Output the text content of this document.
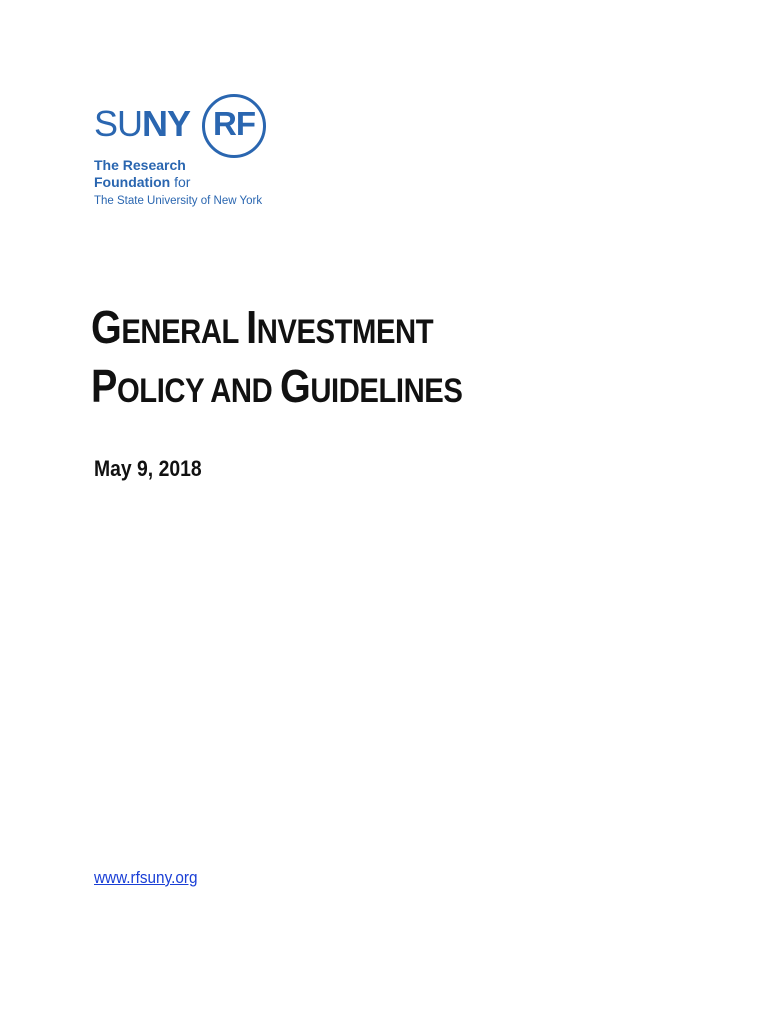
SUNY RF
The Research
Foundation for
The State University of New York
GENERAL INVESTMENT
POLICY AND GUIDELINES
May 9, 2018
www.rfsuny.org
